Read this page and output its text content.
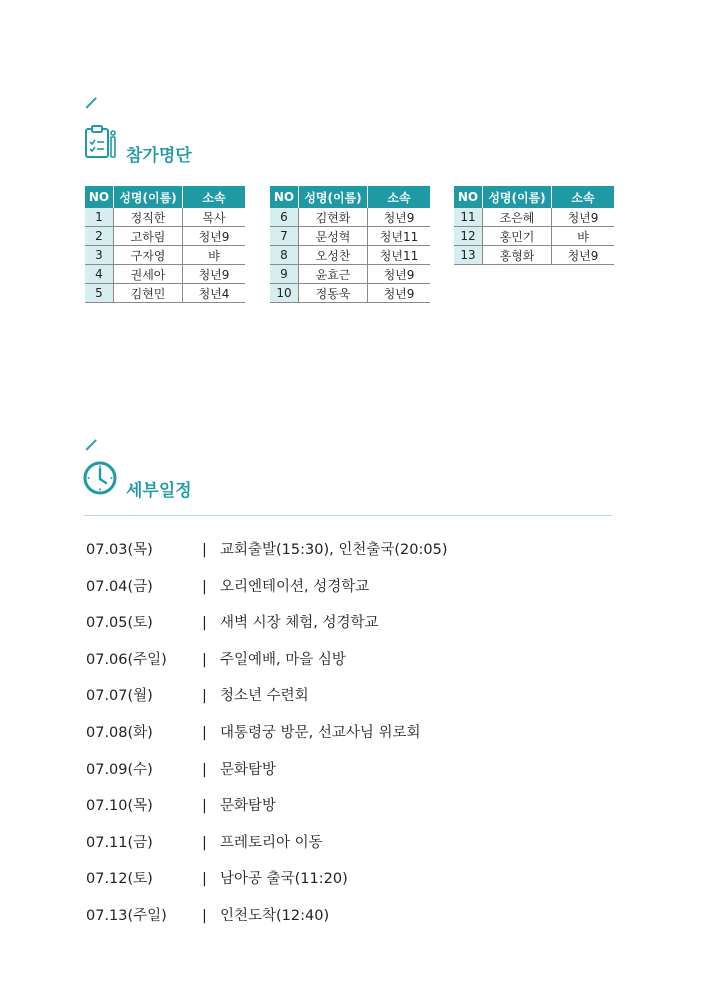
참가명단
NO	성명(이름)	소속
1	정직한	목사
2	고하림	청년9
3	구자영	뱌
4	권세아	청년9
5	김현민	청년4
NO	성명(이름)	소속
6	김현화	청년9
7	문성혁	청년11
8	오성찬	청년11
9	윤효근	청년9
10	정동욱	청년9
NO	성명(이름)	소속
11	조은혜	청년9
12	홍민기	뱌
13	홍형화	청년9
세부일정
07.03(목)	| 교회출발(15:30), 인천출국(20:05)
07.04(금)	| 오리엔테이션, 성경학교
07.05(토)	| 새벽 시장 체험, 성경학교
07.06(주일) | 주일예배, 마을 심방
07.07(월)	| 청소년 수련회
07.08(화)	| 대통령궁 방문, 선교사님 위로회
07.09(수)	| 문화탐방
07.10(목)	| 문화탐방
07.11(금)	| 프레토리아 이동
07.12(토)	| 남아공 출국(11:20)
07.13(주일) | 인천도착(12:40)
